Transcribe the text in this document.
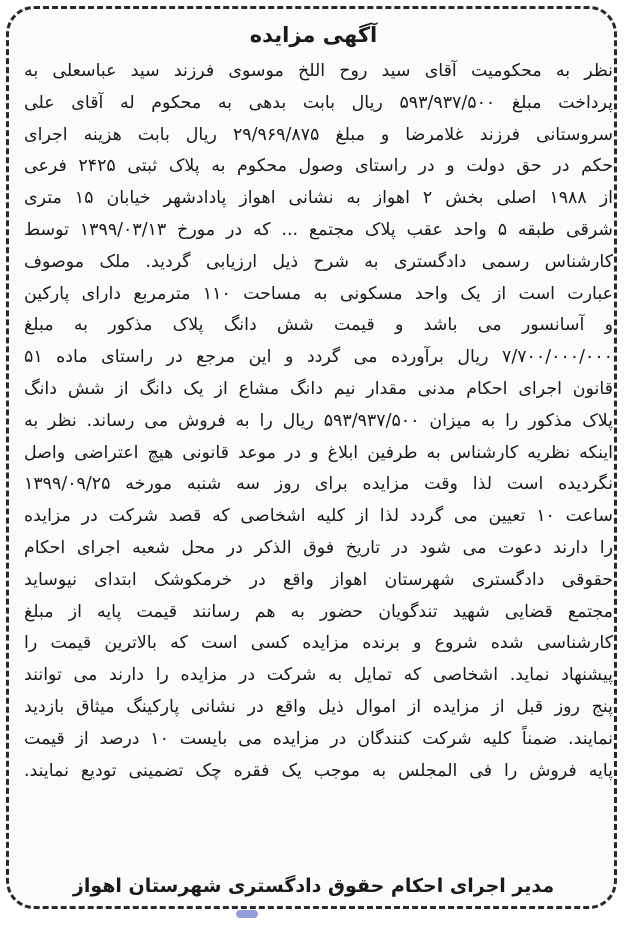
آگهی مزایده
نظر به محکومیت آقای سید روح اللخ موسوی فرزند سید عباسعلی به
پرداخت مبلغ ۵۹۳/۹۳۷/۵۰۰ ریال بابت بدهی به محکوم له آقای علی
سروستانی فرزند غلامرضا و مبلغ ۲۹/۹۶۹/۸۷۵ ریال بابت هزینه اجرای
حکم در حق دولت و در راستای وصول محکوم به پلاک ثبتی ۲۴۲۵ فرعی
از ۱۹۸۸ اصلی بخش ۲ اهواز به نشانی اهواز پادادشهر خیابان ۱۵ متری
شرقی طبقه ۵ واحد عقب پلاک مجتمع ... که در مورخ ۱۳۹۹/۰۳/۱۳ توسط
کارشناس رسمی دادگستری به شرح ذیل ارزیابی گردید. ملک موصوف
عبارت است از یک واحد مسکونی به مساحت ۱۱۰ مترمربع دارای پارکین
و آسانسور می باشد و قیمت شش دانگ پلاک مذکور به مبلغ
۷/۷۰۰/۰۰۰/۰۰۰ ریال برآورده می گردد و این مرجع در راستای ماده ۵۱
قانون اجرای احکام مدنی مقدار نیم دانگ مشاع از یک دانگ از شش دانگ
پلاک مذکور را به میزان ۵۹۳/۹۳۷/۵۰۰ ریال را به فروش می رساند. نظر به
اینکه نظریه کارشناس به طرفین ابلاغ و در موعد قانونی هیچ اعتراضی واصل
نگردیده است لذا وقت مزایده برای روز سه شنبه مورخه ۱۳۹۹/۰۹/۲۵
ساعت ۱۰ تعیین می گردد لذا از کلیه اشخاصی که قصد شرکت در مزایده
را دارند دعوت می شود در تاریخ فوق الذکر در محل شعبه اجرای احکام
حقوقی دادگستری شهرستان اهواز واقع در خرمکوشک ابتدای نیوساید
مجتمع قضایی شهید تندگویان حضور به هم رسانند قیمت پایه از مبلغ
کارشناسی شده شروع و برنده مزایده کسی است که بالاترین قیمت را
پیشنهاد نماید. اشخاصی که تمایل به شرکت در مزایده را دارند می توانند
پنج روز قبل از مزایده از اموال ذیل واقع در نشانی پارکینگ میثاق بازدید
نمایند. ضمناً کلیه شرکت کنندگان در مزایده می بایست ۱۰ درصد از قیمت
پایه فروش را فی المجلس به موجب یک فقره چک تضمینی تودیع نمایند.
مدیر اجرای احکام حقوق دادگستری شهرستان اهواز
